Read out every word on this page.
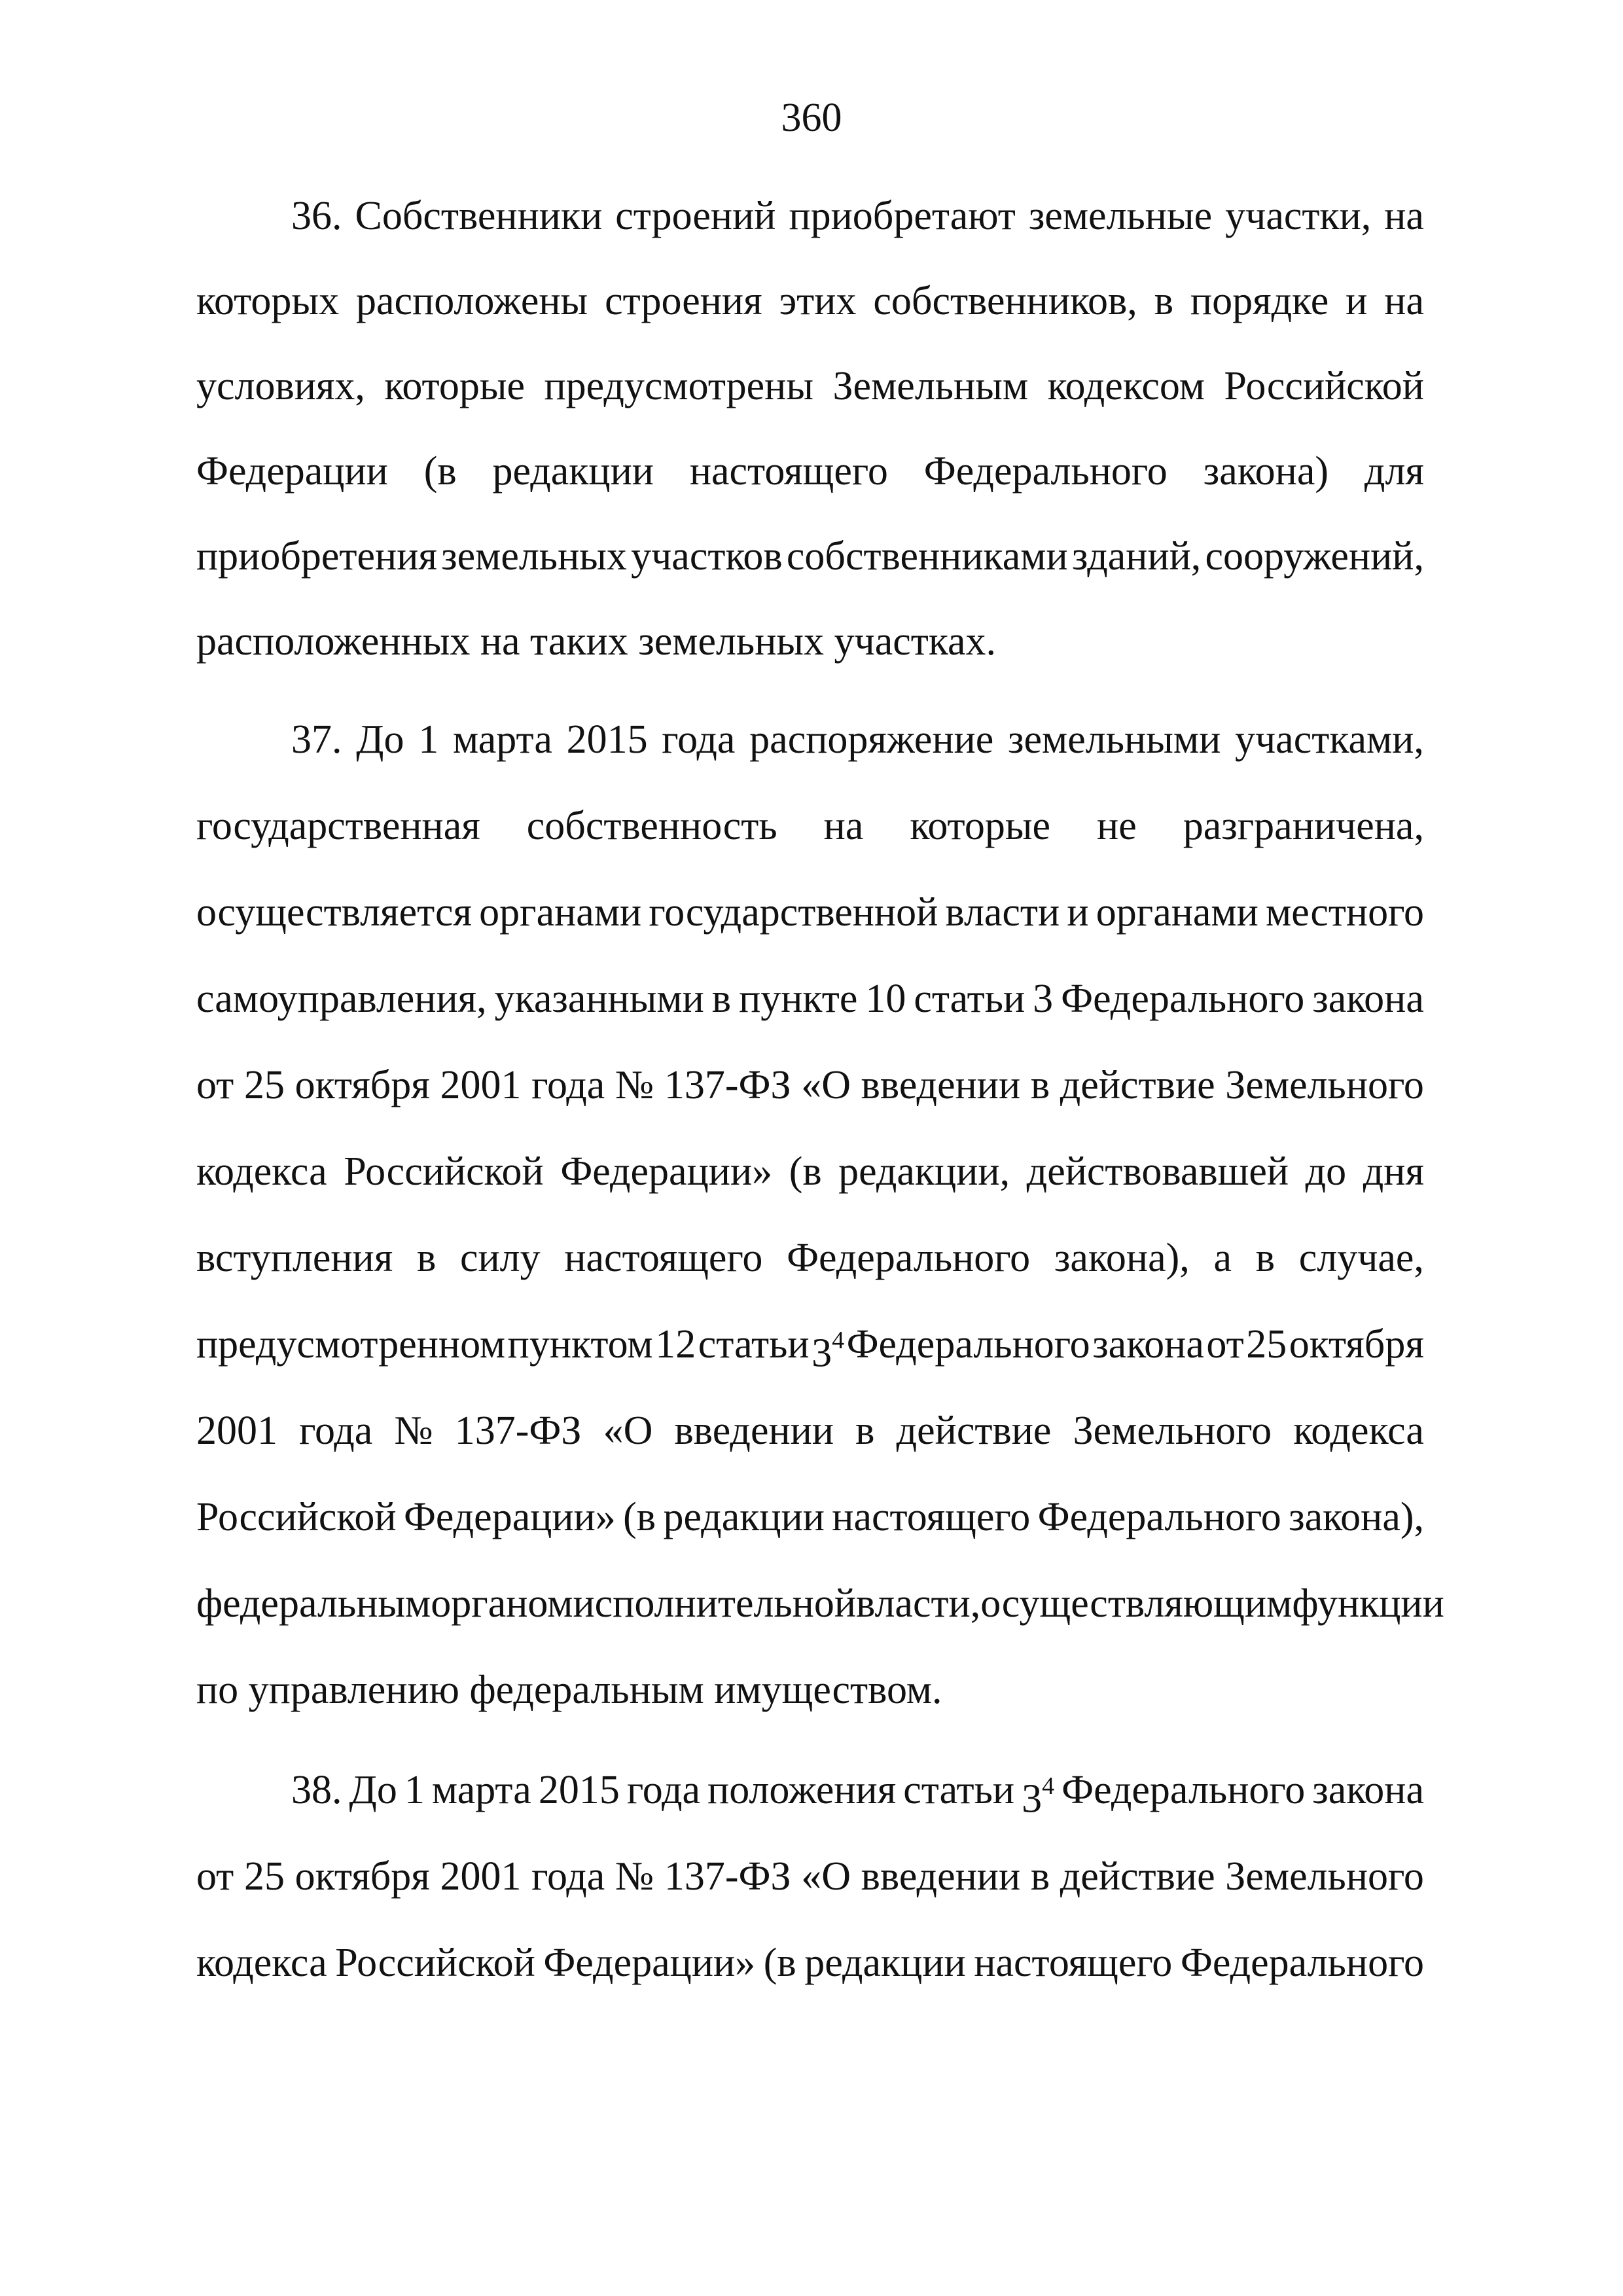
360
36. Собственники строений приобретают земельные участки, на
которых расположены строения этих собственников, в порядке и на
условиях, которые предусмотрены Земельным кодексом Российской
Федерации (в редакции настоящего Федерального закона) для
приобретения земельных участков собственниками зданий, сооружений,
расположенных на таких земельных участках.
37. До 1 марта 2015 года распоряжение земельными участками,
государственная собственность на которые не разграничена,
осуществляется органами государственной власти и органами местного
самоуправления, указанными в пункте 10 статьи 3 Федерального закона
от 25 октября 2001 года № 137-ФЗ «О введении в действие Земельного
кодекса Российской Федерации» (в редакции, действовавшей до дня
вступления в силу настоящего Федерального закона), а в случае,
предусмотренном пунктом 12 статьи $3^4$ Федерального закона от 25 октября
2001 года № 137-ФЗ «О введении в действие Земельного кодекса
Российской Федерации» (в редакции настоящего Федерального закона),
федеральным органом исполнительной власти, осуществляющим функции
по управлению федеральным имуществом.
38. До 1 марта 2015 года положения статьи $3^4$ Федерального закона
от 25 октября 2001 года № 137-ФЗ «О введении в действие Земельного
кодекса Российской Федерации» (в редакции настоящего Федерального
